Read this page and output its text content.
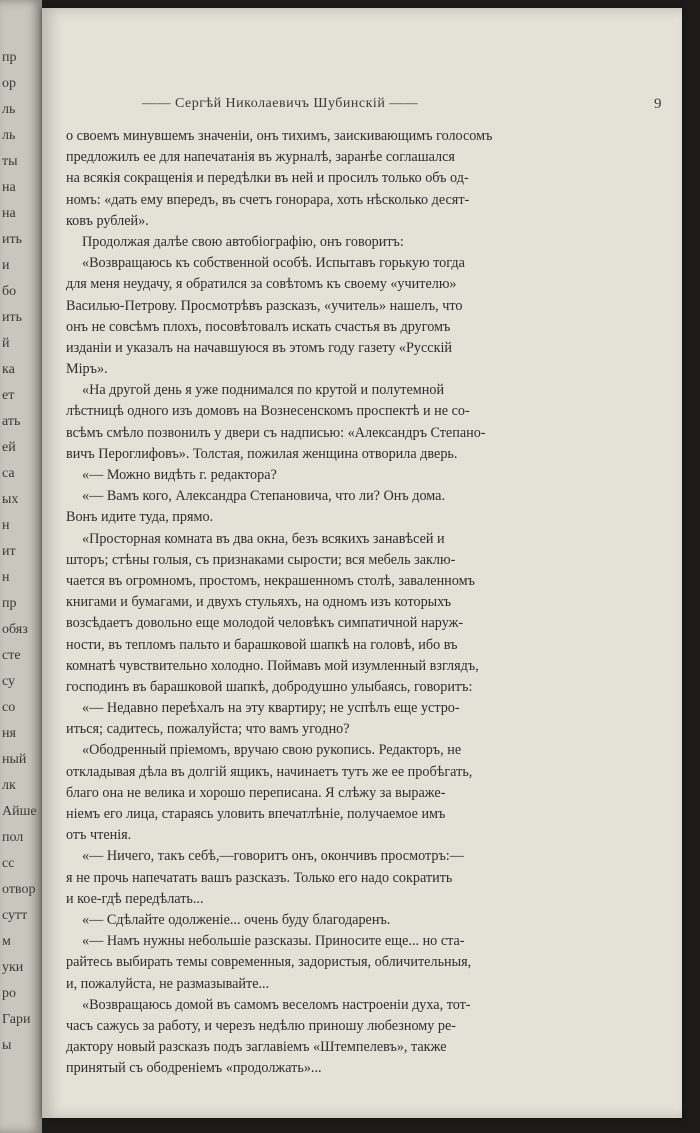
пр
ор
ль
ль
ты
на
на
ить
и
бо
ить
й
ка
ет
ать
ей
са
ых
н
ит
н
пр
обяз
сте
су
со
ня
ный
лк
Айше
пол
сс
отвор
сутт
м
уки
ро
Гари
ы
—— Сергѣй Николаевичъ Шубинскій ——	9
о своемъ минувшемъ значеніи, онъ тихимъ, заискивающимъ голосомъ
предложилъ ее для напечатанія въ журналѣ, заранѣе соглашался
на всякія сокращенія и передѣлки въ ней и просилъ только объ од-
номъ: «дать ему впередъ, въ счетъ гонорара, хоть нѣсколько десят-
ковъ рублей».
Продолжая далѣе свою автобіографію, онъ говоритъ:
«Возвращаюсь къ собственной особѣ. Испытавъ горькую тогда
для меня неудачу, я обратился за совѣтомъ къ своему «учителю»
Василью-Петрову. Просмотрѣвъ разсказъ, «учитель» нашелъ, что
онъ не совсѣмъ плохъ, посовѣтовалъ искать счастья въ другомъ
изданіи и указалъ на начавшуюся въ этомъ году газету «Русскій
Міръ».
«На другой день я уже поднимался по крутой и полутемной
лѣстницѣ одного изъ домовъ на Вознесенскомъ проспектѣ и не со-
всѣмъ смѣло позвонилъ у двери съ надписью: «Александръ Степано-
вичъ Пероглифовъ». Толстая, пожилая женщина отворила дверь.
«— Можно видѣть г. редактора?
«— Вамъ кого, Александра Степановича, что ли? Онъ дома.
Вонъ идите туда, прямо.
«Просторная комната въ два окна, безъ всякихъ занавѣсей и
шторъ; стѣны голыя, съ признаками сырости; вся мебель заклю-
чается въ огромномъ, простомъ, некрашенномъ столѣ, заваленномъ
книгами и бумагами, и двухъ стульяхъ, на одномъ изъ которыхъ
возсѣдаетъ довольно еще молодой человѣкъ симпатичной наруж-
ности, въ тепломъ пальто и барашковой шапкѣ на головѣ, ибо въ
комнатѣ чувствительно холодно. Поймавъ мой изумленный взглядъ,
господинъ въ барашковой шапкѣ, добродушно улыбаясь, говоритъ:
«— Недавно переѣхалъ на эту квартиру; не успѣлъ еще устро-
иться; садитесь, пожалуйста; что вамъ угодно?
«Ободренный пріемомъ, вручаю свою рукопись. Редакторъ, не
откладывая дѣла въ долгій ящикъ, начинаетъ тутъ же ее пробѣгать,
благо она не велика и хорошо переписана. Я слѣжу за выраже-
ніемъ его лица, стараясь уловить впечатлѣніе, получаемое имъ
отъ чтенія.
«— Ничего, такъ себѣ,—говоритъ онъ, окончивъ просмотръ:—
я не прочь напечатать вашъ разсказъ. Только его надо сократить
и кое-гдѣ передѣлать...
«— Сдѣлайте одолженіе... очень буду благодаренъ.
«— Намъ нужны небольшіе разсказы. Приносите еще... но ста-
райтесь выбирать темы современныя, задористыя, обличительныя,
и, пожалуйста, не размазывайте...
«Возвращаюсь домой въ самомъ веселомъ настроеніи духа, тот-
часъ сажусь за работу, и черезъ недѣлю приношу любезному ре-
дактору новый разсказъ подъ заглавіемъ «Штемпелевъ», также
принятый съ ободреніемъ «продолжать»...
